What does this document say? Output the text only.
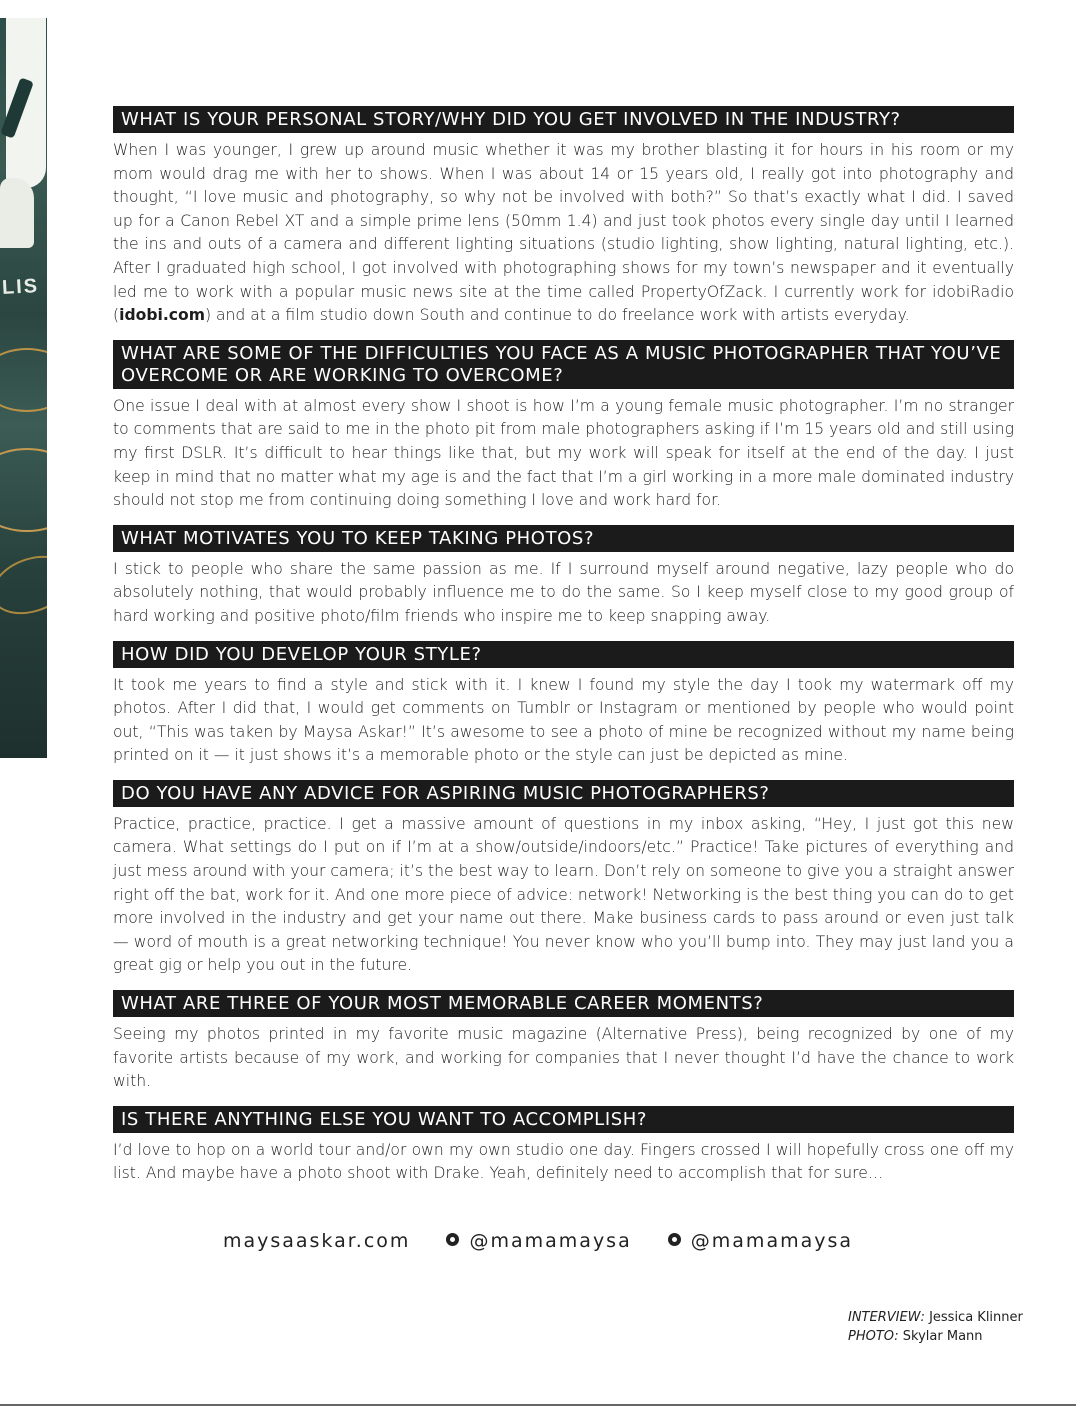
LIS
WHAT IS YOUR PERSONAL STORY/WHY DID YOU GET INVOLVED IN THE INDUSTRY?

When I was younger, I grew up around music whether it was my brother blasting it for hours in his room or my mom would drag me with her to shows. When I was about 14 or 15 years old, I really got into photography and thought, “I love music and photography, so why not be involved with both?” So that’s exactly what I did. I saved up for a Canon Rebel XT and a simple prime lens (50mm 1.4) and just took photos every single day until I learned the ins and outs of a camera and different lighting situations (studio lighting, show lighting, natural lighting, etc.). After I graduated high school, I got involved with photographing shows for my town’s newspaper and it eventually led me to work with a popular music news site at the time called PropertyOfZack. I currently work for idobiRadio (idobi.com) and at a film studio down South and continue to do freelance work with artists everyday.

WHAT ARE SOME OF THE DIFFICULTIES YOU FACE AS A MUSIC PHOTOGRAPHER THAT YOU’VE OVERCOME OR ARE WORKING TO OVERCOME?

One issue I deal with at almost every show I shoot is how I’m a young female music photographer. I’m no stranger to comments that are said to me in the photo pit from male photographers asking if I’m 15 years old and still using my first DSLR. It’s difficult to hear things like that, but my work will speak for itself at the end of the day. I just keep in mind that no matter what my age is and the fact that I’m a girl working in a more male dominated industry should not stop me from continuing doing something I love and work hard for.

WHAT MOTIVATES YOU TO KEEP TAKING PHOTOS?

I stick to people who share the same passion as me. If I surround myself around negative, lazy people who do absolutely nothing, that would probably influence me to do the same. So I keep myself close to my good group of hard working and positive photo/film friends who inspire me to keep snapping away.

HOW DID YOU DEVELOP YOUR STYLE?

It took me years to find a style and stick with it. I knew I found my style the day I took my watermark off my photos. After I did that, I would get comments on Tumblr or Instagram or mentioned by people who would point out, “This was taken by Maysa Askar!” It’s awesome to see a photo of mine be recognized without my name being printed on it — it just shows it’s a memorable photo or the style can just be depicted as mine.

DO YOU HAVE ANY ADVICE FOR ASPIRING MUSIC PHOTOGRAPHERS?

Practice, practice, practice. I get a massive amount of questions in my inbox asking, “Hey, I just got this new camera. What settings do I put on if I’m at a show/outside/indoors/etc.” Practice! Take pictures of everything and just mess around with your camera; it’s the best way to learn. Don’t rely on someone to give you a straight answer right off the bat, work for it. And one more piece of advice: network! Networking is the best thing you can do to get more involved in the industry and get your name out there. Make business cards to pass around or even just talk — word of mouth is a great networking technique! You never know who you’ll bump into. They may just land you a great gig or help you out in the future.

WHAT ARE THREE OF YOUR MOST MEMORABLE CAREER MOMENTS?

Seeing my photos printed in my favorite music magazine (Alternative Press), being recognized by one of my favorite artists because of my work, and working for companies that I never thought I’d have the chance to work with.

IS THERE ANYTHING ELSE YOU WANT TO ACCOMPLISH?

I’d love to hop on a world tour and/or own my own studio one day. Fingers crossed I will hopefully cross one off my list. And maybe have a photo shoot with Drake. Yeah, definitely need to accomplish that for sure…

maysaaskar.com	@mamamaysa	@mamamaysa
INTERVIEW: Jessica Klinner
PHOTO: Skylar Mann
